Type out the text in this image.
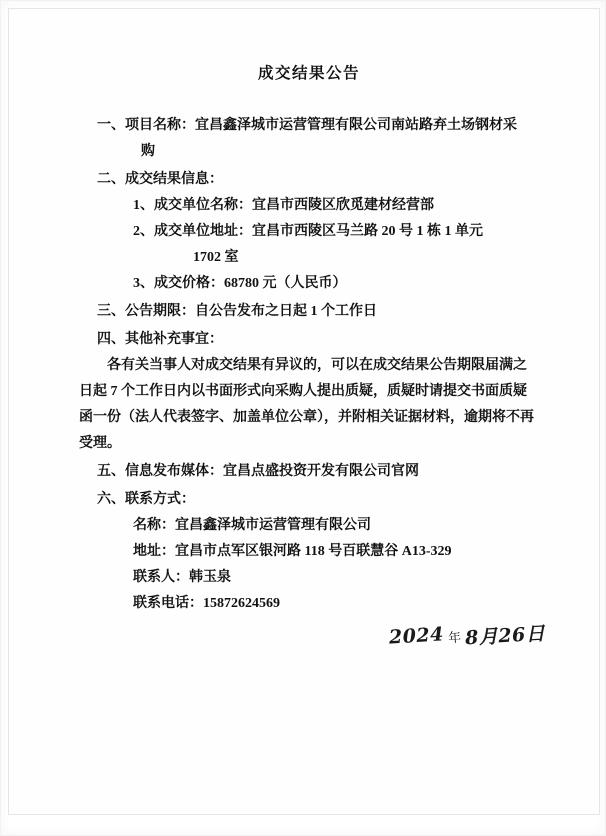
成交结果公告
一、项目名称：宜昌鑫泽城市运营管理有限公司南站路弃土场钢材采
购
二、成交结果信息：
1、成交单位名称：宜昌市西陵区欣觅建材经营部
2、成交单位地址：宜昌市西陵区马兰路 20 号 1 栋 1 单元
1702 室
3、成交价格：68780 元（人民币）
三、公告期限：自公告发布之日起 1 个工作日
四、其他补充事宜：
各有关当事人对成交结果有异议的，可以在成交结果公告期限届满之日起 7 个工作日内以书面形式向采购人提出质疑，质疑时请提交书面质疑函一份（法人代表签字、加盖单位公章），并附相关证据材料，逾期将不再受理。
五、信息发布媒体：宜昌点盛投资开发有限公司官网
六、联系方式：
名称：宜昌鑫泽城市运营管理有限公司
地址：宜昌市点军区银河路 118 号百联慧谷 A13-329
联系人：韩玉泉
联系电话：15872624569
2024 年 8月26日
